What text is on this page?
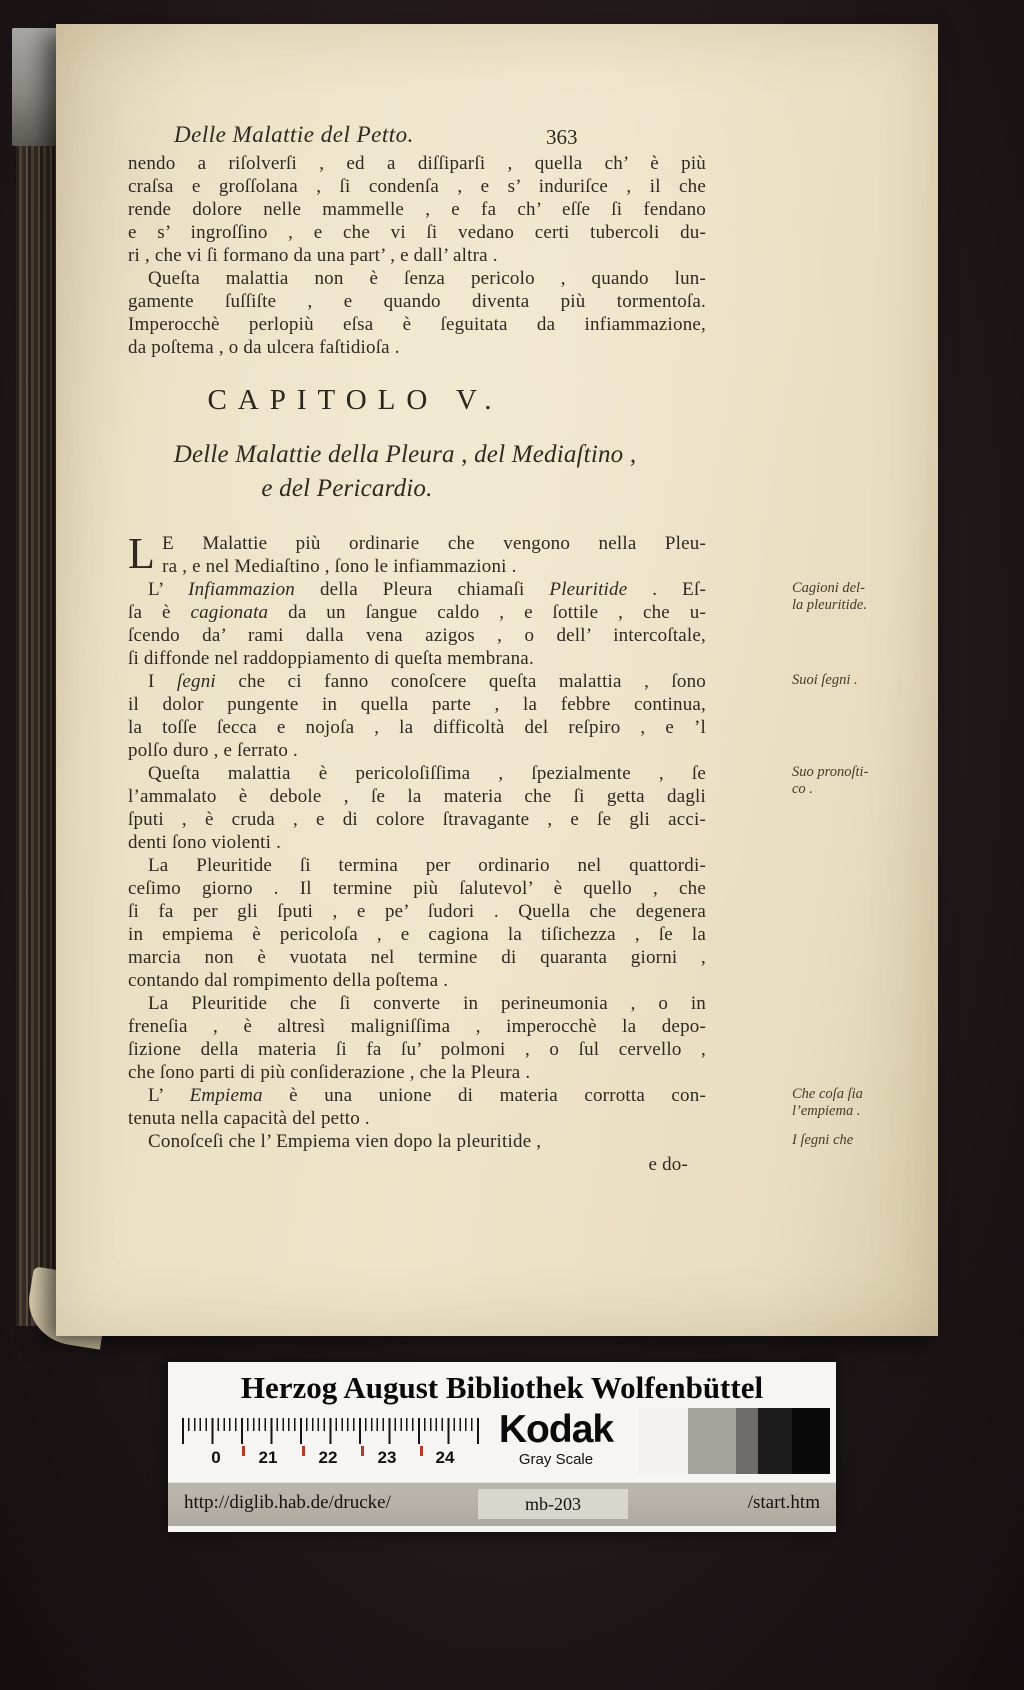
Delle Malattie del Petto.	363
nendo a riſolverſi , ed a diſſiparſi , quella ch’ è più
craſsa e groſſolana , ſi condenſa , e s’ induriſce , il che
rende dolore nelle mammelle , e fa ch’ eſſe ſi fendano
e s’ ingroſſino , e che vi ſi vedano certi tubercoli du-
ri , che vi ſi formano da una part’ , e dall’ altra .
Queſta malattia non è ſenza pericolo , quando lun-
gamente ſuſſiſte , e quando diventa più tormentoſa.
Imperocchè perlopiù eſsa è ſeguitata da infiammazione,
da poſtema , o da ulcera faſtidioſa .
CAPITOLO V.
Delle Malattie della Pleura , del Mediaſtino ,
e del Pericardio.
L E Malattie più ordinarie che vengono nella Pleu-
ra , e nel Mediaſtino , ſono le infiammazioni .
L’ Infiammazion della Pleura chiamaſi Pleuritide . Eſ-
ſa è cagionata da un ſangue caldo , e ſottile , che u-
ſcendo da’ rami dalla vena azigos , o dell’ intercoſtale,
ſi diffonde nel raddoppiamento di queſta membrana.
I ſegni che ci fanno conoſcere queſta malattia , ſono
il dolor pungente in quella parte , la febbre continua,
la toſſe ſecca e nojoſa , la difficoltà del reſpiro , e ’l
polſo duro , e ſerrato .
Queſta malattia è pericoloſiſſima , ſpezialmente , ſe
l’ammalato è debole , ſe la materia che ſi getta dagli
ſputi , è cruda , e di colore ſtravagante , e ſe gli acci-
denti ſono violenti .
La Pleuritide ſi termina per ordinario nel quattordi-
ceſimo giorno . Il termine più ſalutevol’ è quello , che
ſi fa per gli ſputi , e pe’ ſudori . Quella che degenera
in empiema è pericoloſa , e cagiona la tiſichezza , ſe la
marcia non è vuotata nel termine di quaranta giorni ,
contando dal rompimento della poſtema .
La Pleuritide che ſi converte in perineumonia , o in
freneſia , è altresì maligniſſima , imperocchè la depo-
ſizione della materia ſi fa ſu’ polmoni , o ſul cervello ,
che ſono parti di più conſiderazione , che la Pleura .
L’ Empiema è una unione di materia corrotta con-
tenuta nella capacità del petto .
Conoſceſi che l’ Empiema vien dopo la pleuritide ,
e do-
Cagioni del-
la pleuritide.
Suoi ſegni .
Suo pronoſti-
co .
Che coſa ſia
l’empiema .
I ſegni che
Herzog August Bibliothek Wolfenbüttel
0 21 22 23 24
Kodak
Gray Scale
http://diglib.hab.de/drucke/	mb-203	/start.htm
